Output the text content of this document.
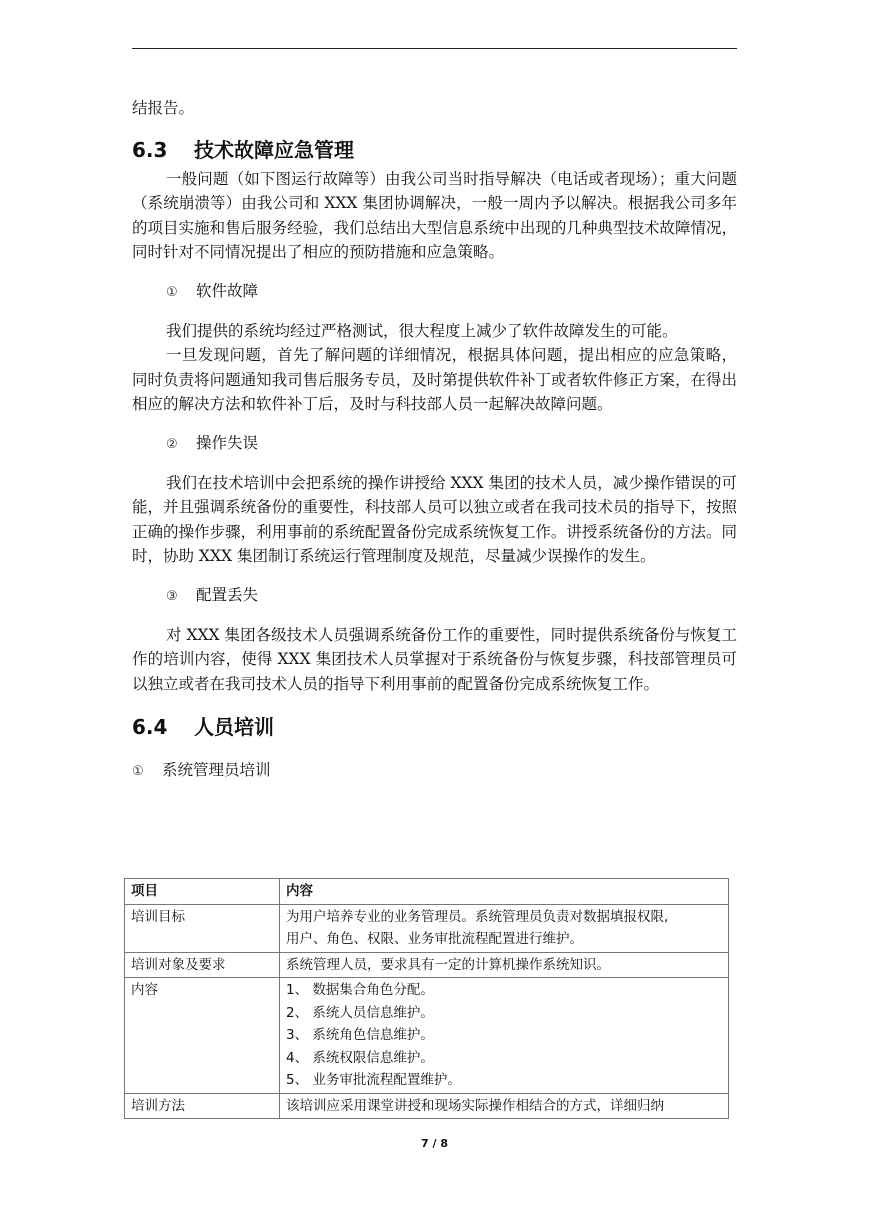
结报告。

6.3 技术故障应急管理

一般问题（如下图运行故障等）由我公司当时指导解决（电话或者现场）；重大问题（系统崩溃等）由我公司和 XXX 集团协调解决，一般一周内予以解决。根据我公司多年的项目实施和售后服务经验，我们总结出大型信息系统中出现的几种典型技术故障情况，同时针对不同情况提出了相应的预防措施和应急策略。

① 软件故障

我们提供的系统均经过严格测试，很大程度上减少了软件故障发生的可能。

一旦发现问题，首先了解问题的详细情况，根据具体问题，提出相应的应急策略，同时负责将问题通知我司售后服务专员，及时第提供软件补丁或者软件修正方案，在得出相应的解决方法和软件补丁后，及时与科技部人员一起解决故障问题。

② 操作失误

我们在技术培训中会把系统的操作讲授给 XXX 集团的技术人员，减少操作错误的可能，并且强调系统备份的重要性，科技部人员可以独立或者在我司技术员的指导下，按照正确的操作步骤，利用事前的系统配置备份完成系统恢复工作。讲授系统备份的方法。同时，协助 XXX 集团制订系统运行管理制度及规范，尽量减少误操作的发生。

③ 配置丢失

对 XXX 集团各级技术人员强调系统备份工作的重要性，同时提供系统备份与恢复工作的培训内容，使得 XXX 集团技术人员掌握对于系统备份与恢复步骤，科技部管理员可以独立或者在我司技术人员的指导下利用事前的配置备份完成系统恢复工作。

6.4 人员培训

① 系统管理员培训

项目	内容
培训目标	为用户培养专业的业务管理员。系统管理员负责对数据填报权限,
用户、角色、权限、业务审批流程配置进行维护。

培训对象及要求	系统管理人员，要求具有一定的计算机操作系统知识。

内容	1、 数据集合角色分配。
2、 系统人员信息维护。
3、 系统角色信息维护。
4、 系统权限信息维护。
5、 业务审批流程配置维护。

培训方法	该培训应采用课堂讲授和现场实际操作相结合的方式，详细归纳
7 / 8
